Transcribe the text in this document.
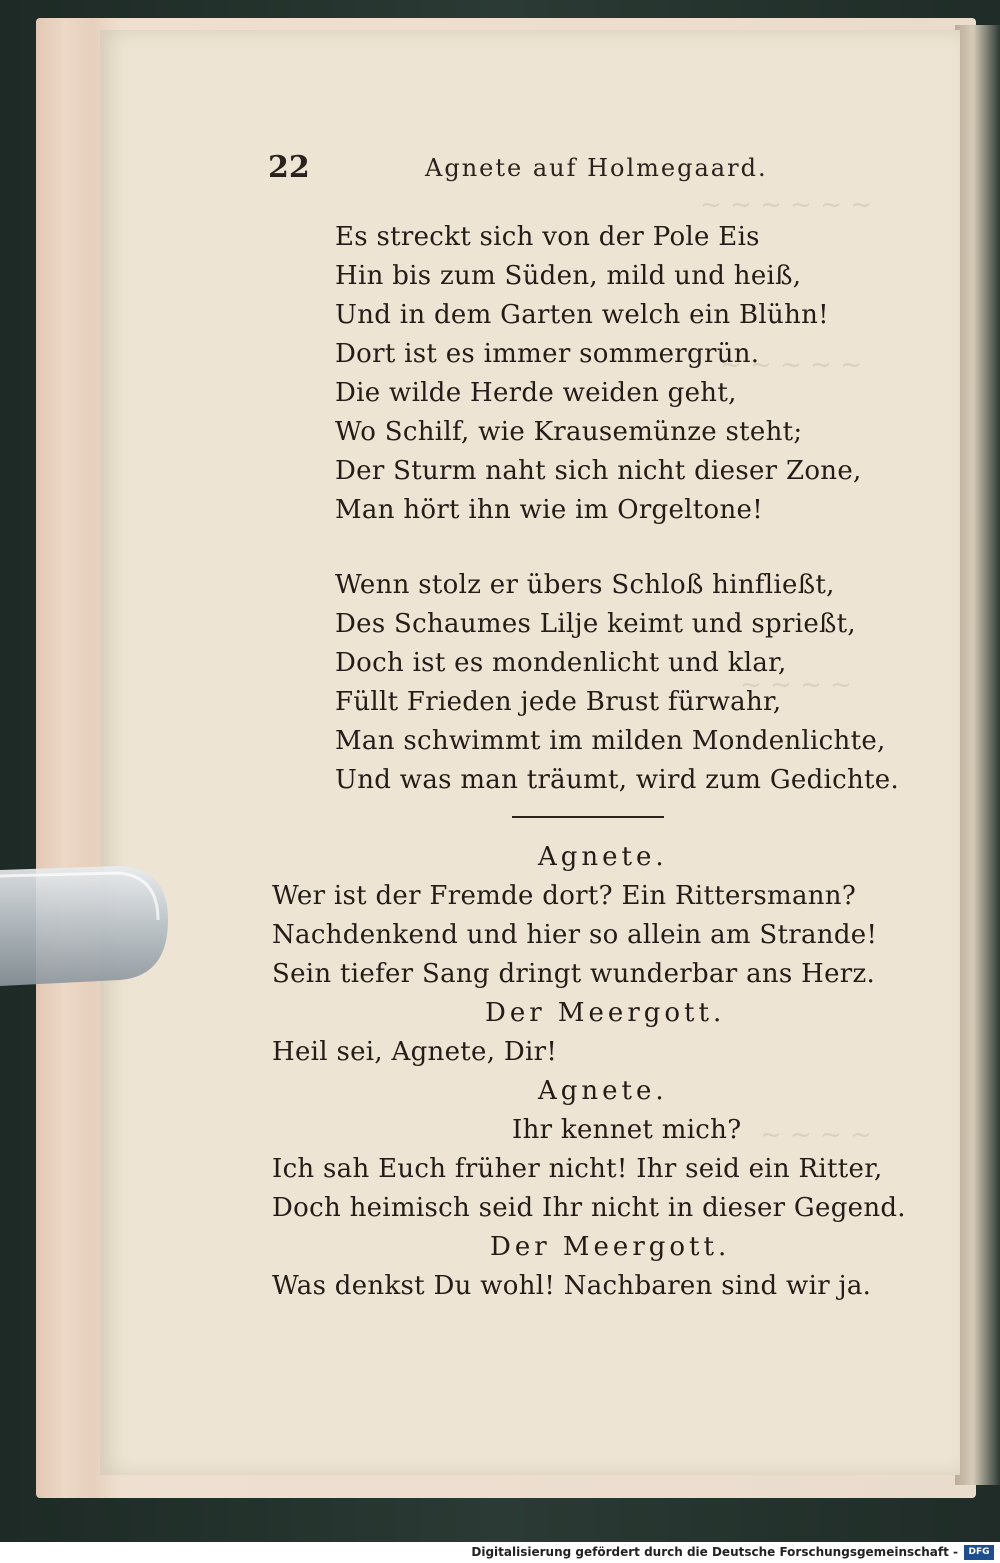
~ ~ ~ ~ ~ ~
~ ~ ~ ~ ~
~ ~ ~ ~
~ ~ ~ ~
22	Agnete auf Holmegaard.
Es streckt sich von der Pole Eis
Hin bis zum Süden, mild und heiß,
Und in dem Garten welch ein Blühn!
Dort ist es immer sommergrün.
Die wilde Herde weiden geht,
Wo Schilf, wie Krausemünze steht;
Der Sturm naht sich nicht dieser Zone,
Man hört ihn wie im Orgeltone!
Wenn stolz er übers Schloß hinfließt,
Des Schaumes Lilje keimt und sprießt,
Doch ist es mondenlicht und klar,
Füllt Frieden jede Brust fürwahr,
Man schwimmt im milden Mondenlichte,
Und was man träumt, wird zum Gedichte.
Agnete.
Wer ist der Fremde dort? Ein Rittersmann?
Nachdenkend und hier so allein am Strande!
Sein tiefer Sang dringt wunderbar ans Herz.
Der Meergott.
Heil sei, Agnete, Dir!
Agnete.
Ihr kennet mich?
Ich sah Euch früher nicht! Ihr seid ein Ritter,
Doch heimisch seid Ihr nicht in dieser Gegend.
Der Meergott.
Was denkst Du wohl! Nachbaren sind wir ja.
Digitalisierung gefördert durch die Deutsche Forschungsgemeinschaft -	DFG
